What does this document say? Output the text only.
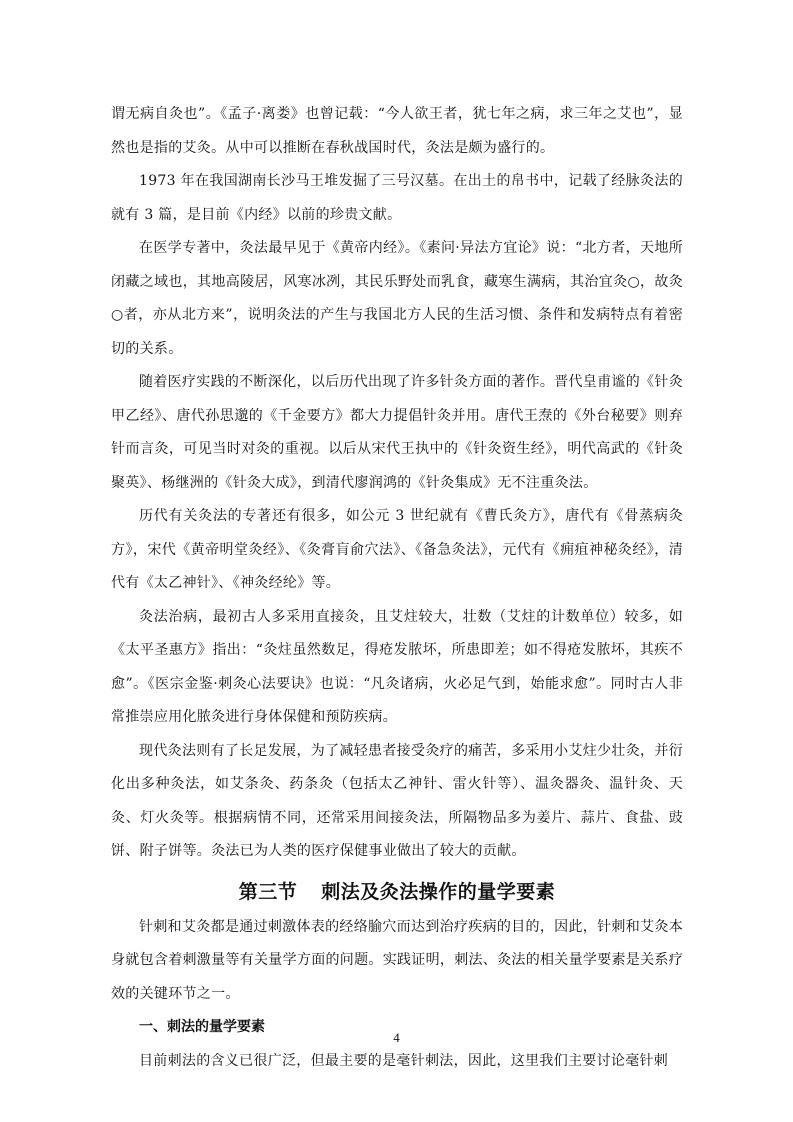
谓无病自灸也”。《孟子·离娄》也曾记载：“今人欲王者，犹七年之病，求三年之艾也”，显然也是指的艾灸。从中可以推断在春秋战国时代，灸法是颇为盛行的。

1973 年在我国湖南长沙马王堆发掘了三号汉墓。在出土的帛书中，记载了经脉灸法的就有 3 篇，是目前《内经》以前的珍贵文献。

在医学专著中，灸法最早见于《黄帝内经》。《素问·异法方宜论》说：“北方者，天地所闭藏之域也，其地高陵居，风寒冰冽，其民乐野处而乳食，藏寒生满病，其治宜灸○，故灸○者，亦从北方来”，说明灸法的产生与我国北方人民的生活习惯、条件和发病特点有着密切的关系。

随着医疗实践的不断深化，以后历代出现了许多针灸方面的著作。晋代皇甫谧的《针灸甲乙经》、唐代孙思邈的《千金要方》都大力提倡针灸并用。唐代王焘的《外台秘要》则弃针而言灸，可见当时对灸的重视。以后从宋代王执中的《针灸资生经》，明代高武的《针灸聚英》、杨继洲的《针灸大成》，到清代廖润鸿的《针灸集成》无不注重灸法。

历代有关灸法的专著还有很多，如公元 3 世纪就有《曹氏灸方》，唐代有《骨蒸病灸方》，宋代《黄帝明堂灸经》、《灸膏肓俞穴法》、《备急灸法》，元代有《痈疽神秘灸经》，清代有《太乙神针》、《神灸经纶》等。

灸法治病，最初古人多采用直接灸，且艾炷较大，壮数（艾炷的计数单位）较多，如《太平圣惠方》指出：“灸炷虽然数足，得疮发脓坏，所患即差；如不得疮发脓坏，其疾不愈”。《医宗金鉴·刺灸心法要诀》也说：“凡灸诸病，火必足气到，始能求愈”。同时古人非常推崇应用化脓灸进行身体保健和预防疾病。

现代灸法则有了长足发展，为了减轻患者接受灸疗的痛苦，多采用小艾炷少壮灸，并衍化出多种灸法，如艾条灸、药条灸（包括太乙神针、雷火针等）、温灸器灸、温针灸、天灸、灯火灸等。根据病情不同，还常采用间接灸法，所隔物品多为姜片、蒜片、食盐、豉饼、附子饼等。灸法已为人类的医疗保健事业做出了较大的贡献。

第三节 刺法及灸法操作的量学要素

针刺和艾灸都是通过刺激体表的经络腧穴而达到治疗疾病的目的，因此，针刺和艾灸本身就包含着刺激量等有关量学方面的问题。实践证明，刺法、灸法的相关量学要素是关系疗效的关键环节之一。

一、刺法的量学要素

目前刺法的含义已很广泛，但最主要的是毫针刺法，因此，这里我们主要讨论毫针刺

4
